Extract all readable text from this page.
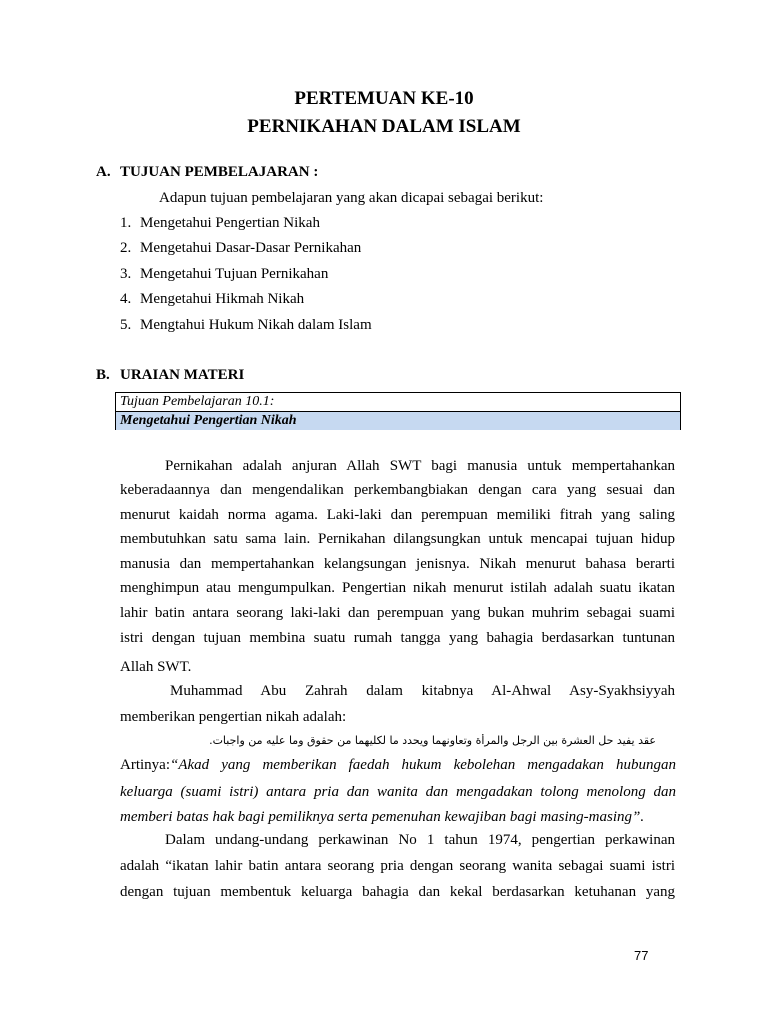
PERTEMUAN KE-10
PERNIKAHAN DALAM ISLAM
A. TUJUAN PEMBELAJARAN :
Adapun tujuan pembelajaran yang akan dicapai sebagai berikut:
1. Mengetahui Pengertian Nikah
2. Mengetahui Dasar-Dasar Pernikahan
3. Mengetahui Tujuan Pernikahan
4. Mengetahui Hikmah Nikah
5. Mengtahui Hukum Nikah dalam Islam
B. URAIAN MATERI
Tujuan Pembelajaran 10.1:
Mengetahui Pengertian Nikah
Pernikahan adalah anjuran Allah SWT bagi manusia untuk mempertahankan
keberadaannya dan mengendalikan perkembangbiakan dengan cara yang sesuai dan
menurut kaidah norma agama. Laki-laki dan perempuan memiliki fitrah yang saling
membutuhkan satu sama lain. Pernikahan dilangsungkan untuk mencapai tujuan hidup
manusia dan mempertahankan kelangsungan jenisnya. Nikah menurut bahasa berarti
menghimpun atau mengumpulkan. Pengertian nikah menurut istilah adalah suatu ikatan
lahir batin antara seorang laki-laki dan perempuan yang bukan muhrim sebagai suami
istri dengan tujuan membina suatu rumah tangga yang bahagia berdasarkan tuntunan
Allah SWT.
Muhammad Abu Zahrah dalam kitabnya Al-Ahwal Asy-Syakhsiyyah
memberikan pengertian nikah adalah:
عقد يفيد حل العشرة بين الرجل والمرأة وتعاونهما ويحدد ما لكليهما من حقوق وما عليه من واجبات.
Artinya:“Akad yang memberikan faedah hukum kebolehan mengadakan hubungan
keluarga (suami istri) antara pria dan wanita dan mengadakan tolong menolong dan
memberi batas hak bagi pemiliknya serta pemenuhan kewajiban bagi masing-masing”.
Dalam undang-undang perkawinan No 1 tahun 1974, pengertian perkawinan
adalah “ikatan lahir batin antara seorang pria dengan seorang wanita sebagai suami istri
dengan tujuan membentuk keluarga bahagia dan kekal berdasarkan ketuhanan yang
77
